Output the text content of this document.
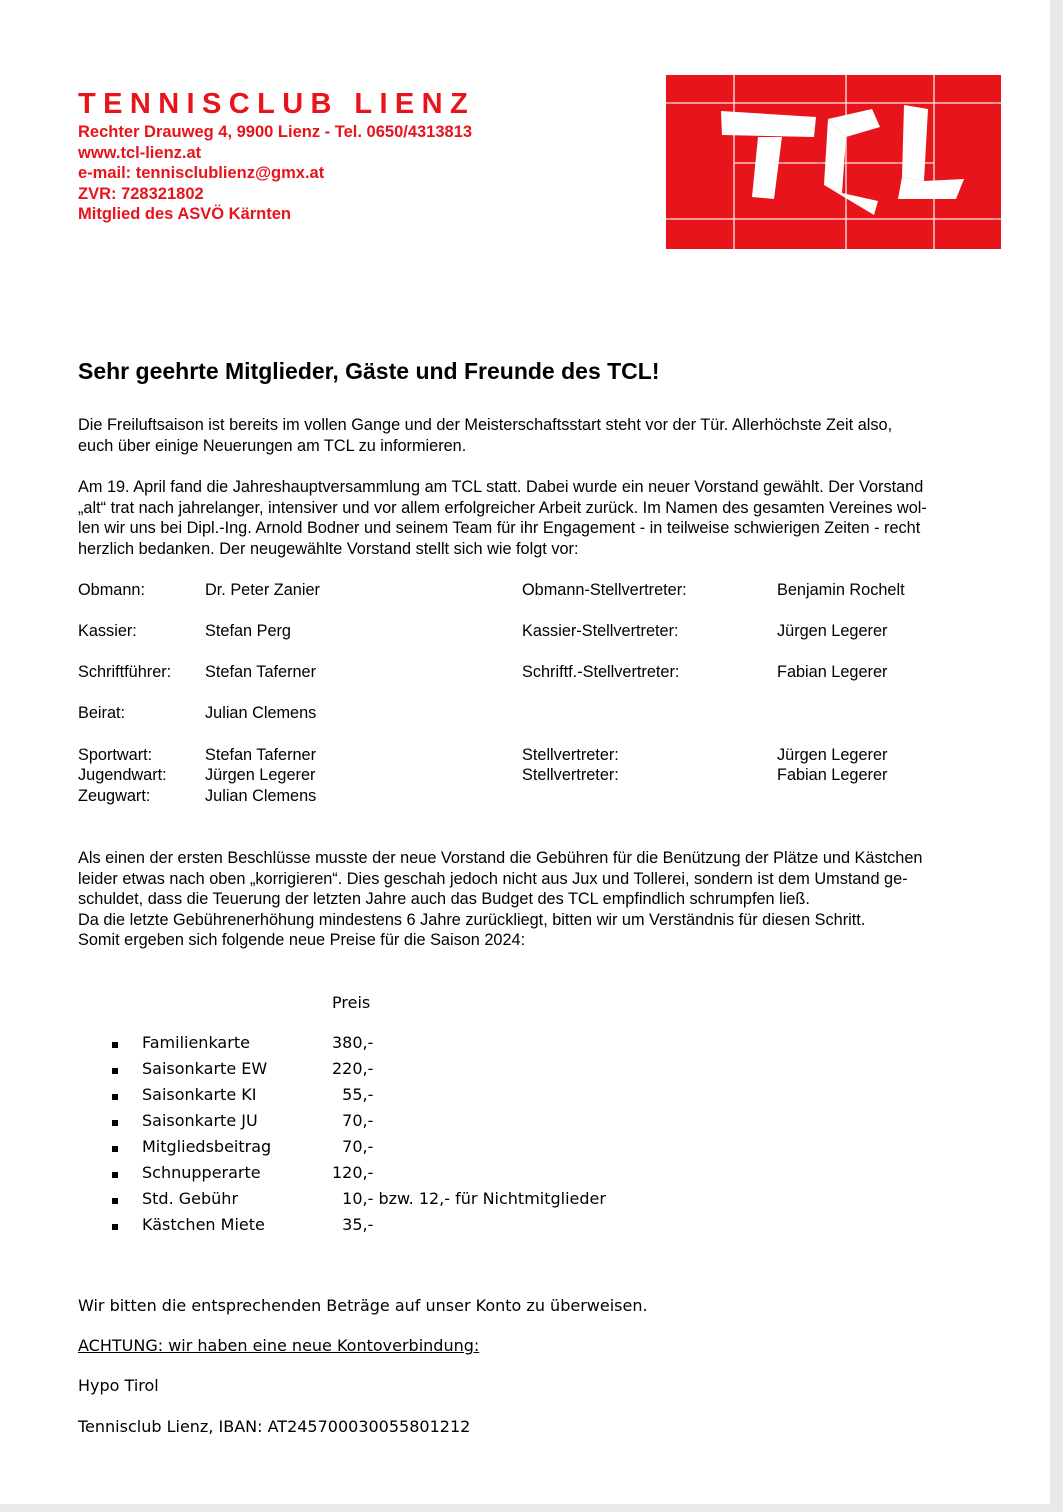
TENNISCLUB LIENZ
Rechter Drauweg 4, 9900 Lienz - Tel. 0650/4313813
www.tcl-lienz.at
e-mail: tennisclublienz@gmx.at
ZVR: 728321802
Mitglied des ASVÖ Kärnten
Sehr geehrte Mitglieder, Gäste und Freunde des TCL!
Die Freiluftsaison ist bereits im vollen Gange und der Meisterschaftsstart steht vor der Tür. Allerhöchste Zeit also,
euch über einige Neuerungen am TCL zu informieren.
Am 19. April fand die Jahreshauptversammlung am TCL statt. Dabei wurde ein neuer Vorstand gewählt. Der Vorstand
„alt“ trat nach jahrelanger, intensiver und vor allem erfolgreicher Arbeit zurück. Im Namen des gesamten Vereines wol-
len wir uns bei Dipl.-Ing. Arnold Bodner und seinem Team für ihr Engagement - in teilweise schwierigen Zeiten - recht
herzlich bedanken. Der neugewählte Vorstand stellt sich wie folgt vor:
Obmann:	Dr. Peter Zanier	Obmann-Stellvertreter:	Benjamin Rochelt
Kassier:	Stefan Perg	Kassier-Stellvertreter:	Jürgen Legerer
Schriftführer: Stefan Taferner	Schriftf.-Stellvertreter:	Fabian Legerer
Beirat:	Julian Clemens
Sportwart:	Stefan Taferner	Stellvertreter:	Jürgen Legerer
Jugendwart: Jürgen Legerer	Stellvertreter:	Fabian Legerer
Zeugwart:	Julian Clemens
Als einen der ersten Beschlüsse musste der neue Vorstand die Gebühren für die Benützung der Plätze und Kästchen
leider etwas nach oben „korrigieren“. Dies geschah jedoch nicht aus Jux und Tollerei, sondern ist dem Umstand ge-
schuldet, dass die Teuerung der letzten Jahre auch das Budget des TCL empfindlich schrumpfen ließ.
Da die letzte Gebührenerhöhung mindestens 6 Jahre zurückliegt, bitten wir um Verständnis für diesen Schritt.
Somit ergeben sich folgende neue Preise für die Saison 2024:
Preis
Familienkarte	380,-
Saisonkarte EW	220,-
Saisonkarte KI	55,-
Saisonkarte JU	70,-
Mitgliedsbeitrag	70,-
Schnupperarte	120,-
Std. Gebühr	10,- bzw. 12,- für Nichtmitglieder
Kästchen Miete	35,-
Wir bitten die entsprechenden Beträge auf unser Konto zu überweisen.
ACHTUNG: wir haben eine neue Kontoverbindung:
Hypo Tirol
Tennisclub Lienz, IBAN: AT245700030055801212
